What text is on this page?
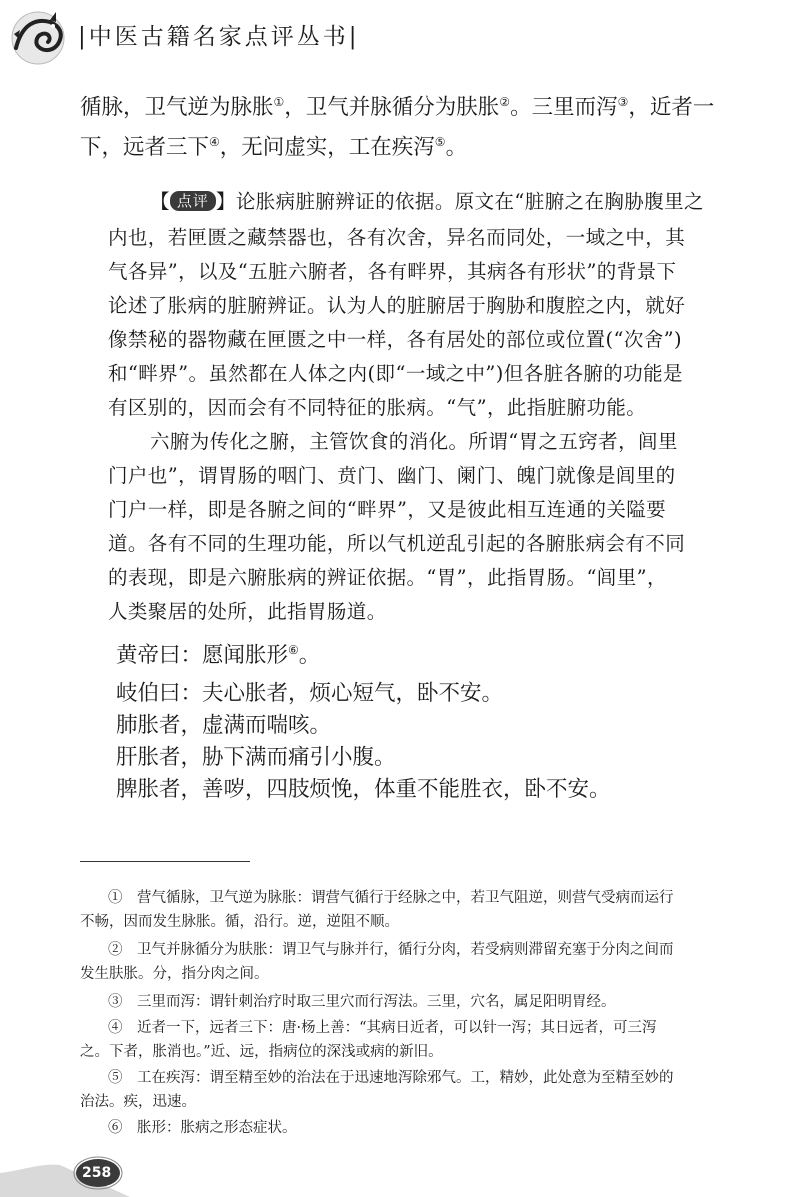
|中医古籍名家点评丛书|
循脉，卫气逆为脉胀①，卫气并脉循分为肤胀②。三里而泻③，近者一
下，远者三下④，无问虚实，工在疾泻⑤。
【 点评 】论胀病脏腑辨证的依据。原文在“脏腑之在胸胁腹里之
内也，若匣匮之藏禁器也，各有次舍，异名而同处，一域之中，其
气各异”，以及“五脏六腑者，各有畔界，其病各有形状”的背景下
论述了胀病的脏腑辨证。认为人的脏腑居于胸胁和腹腔之内，就好
像禁秘的器物藏在匣匮之中一样，各有居处的部位或位置(“次舍”)
和“畔界”。虽然都在人体之内(即“一域之中”)但各脏各腑的功能是
有区别的，因而会有不同特征的胀病。“气”，此指脏腑功能。
六腑为传化之腑，主管饮食的消化。所谓“胃之五窍者，闾里
门户也”，谓胃肠的咽门、贲门、幽门、阑门、魄门就像是闾里的
门户一样，即是各腑之间的“畔界”，又是彼此相互连通的关隘要
道。各有不同的生理功能，所以气机逆乱引起的各腑胀病会有不同
的表现，即是六腑胀病的辨证依据。“胃”，此指胃肠。“闾里”，
人类聚居的处所，此指胃肠道。
黄帝曰：愿闻胀形⑥。
岐伯曰：夫心胀者，烦心短气，卧不安。
肺胀者，虚满而喘咳。
肝胀者，胁下满而痛引小腹。
脾胀者，善哕，四肢烦悗，体重不能胜衣，卧不安。
①　营气循脉，卫气逆为脉胀：谓营气循行于经脉之中，若卫气阻逆，则营气受病而运行
不畅，因而发生脉胀。循，沿行。逆，逆阻不顺。
②　卫气并脉循分为肤胀：谓卫气与脉并行，循行分肉，若受病则滞留充塞于分肉之间而
发生肤胀。分，指分肉之间。
③　三里而泻：谓针刺治疗时取三里穴而行泻法。三里，穴名，属足阳明胃经。
④　近者一下，远者三下：唐·杨上善：“其病日近者，可以针一泻；其日远者，可三泻
之。下者，胀消也。”近、远，指病位的深浅或病的新旧。
⑤　工在疾泻：谓至精至妙的治法在于迅速地泻除邪气。工，精妙，此处意为至精至妙的
治法。疾，迅速。
⑥　胀形：胀病之形态症状。
258
